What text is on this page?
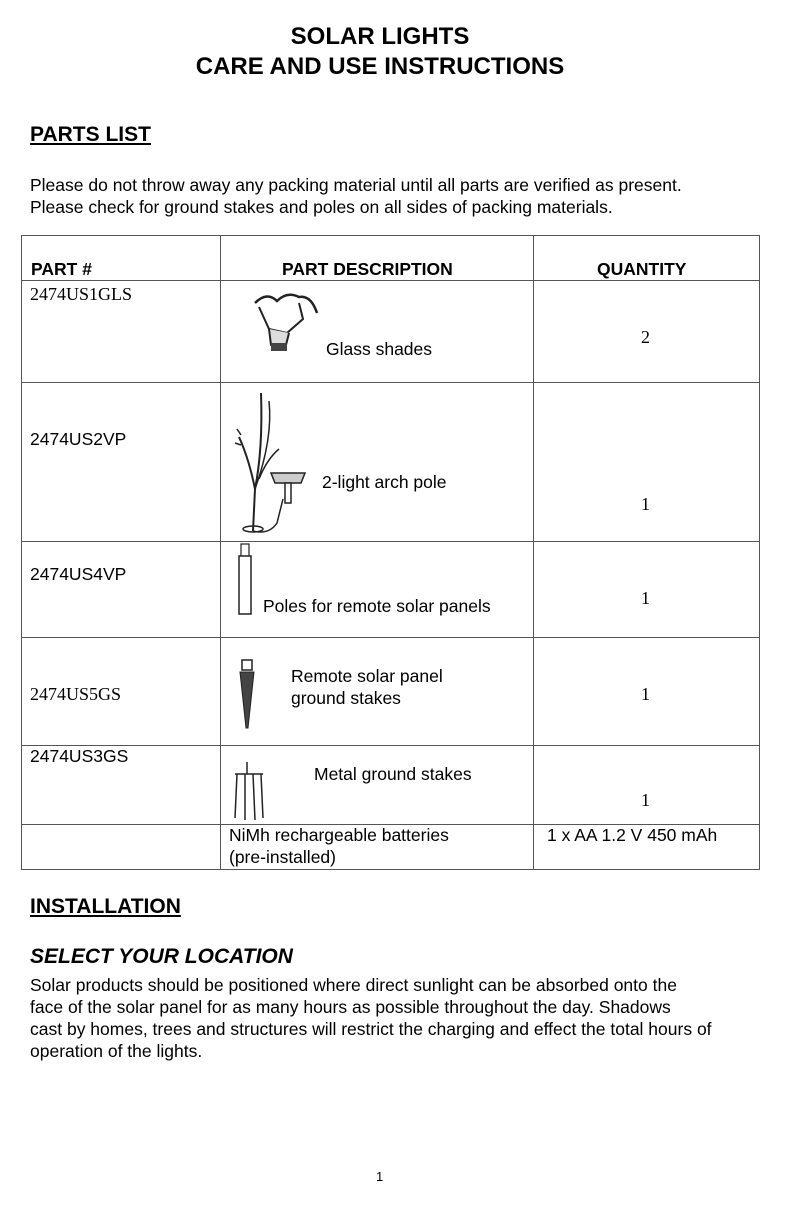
SOLAR LIGHTS
CARE AND USE INSTRUCTIONS
PARTS LIST
Please do not throw away any packing material until all parts are verified as present.
Please check for ground stakes and poles on all sides of packing materials.
PART #	PART DESCRIPTION	QUANTITY

2474US1GLS	Glass shades	2

2474US2VP	2-light arch pole	1

2474US4VP	Poles for remote solar panels	1

2474US5GS	Remote solar panel
ground stakes	1

2474US3GS	Metal ground stakes	1

	NiMh rechargeable batteries
(pre-installed)	1 x AA 1.2 V 450 mAh
INSTALLATION
SELECT YOUR LOCATION
Solar products should be positioned where direct sunlight can be absorbed onto the
face of the solar panel for as many hours as possible throughout the day. Shadows
cast by homes, trees and structures will restrict the charging and effect the total hours of
operation of the lights.
1
